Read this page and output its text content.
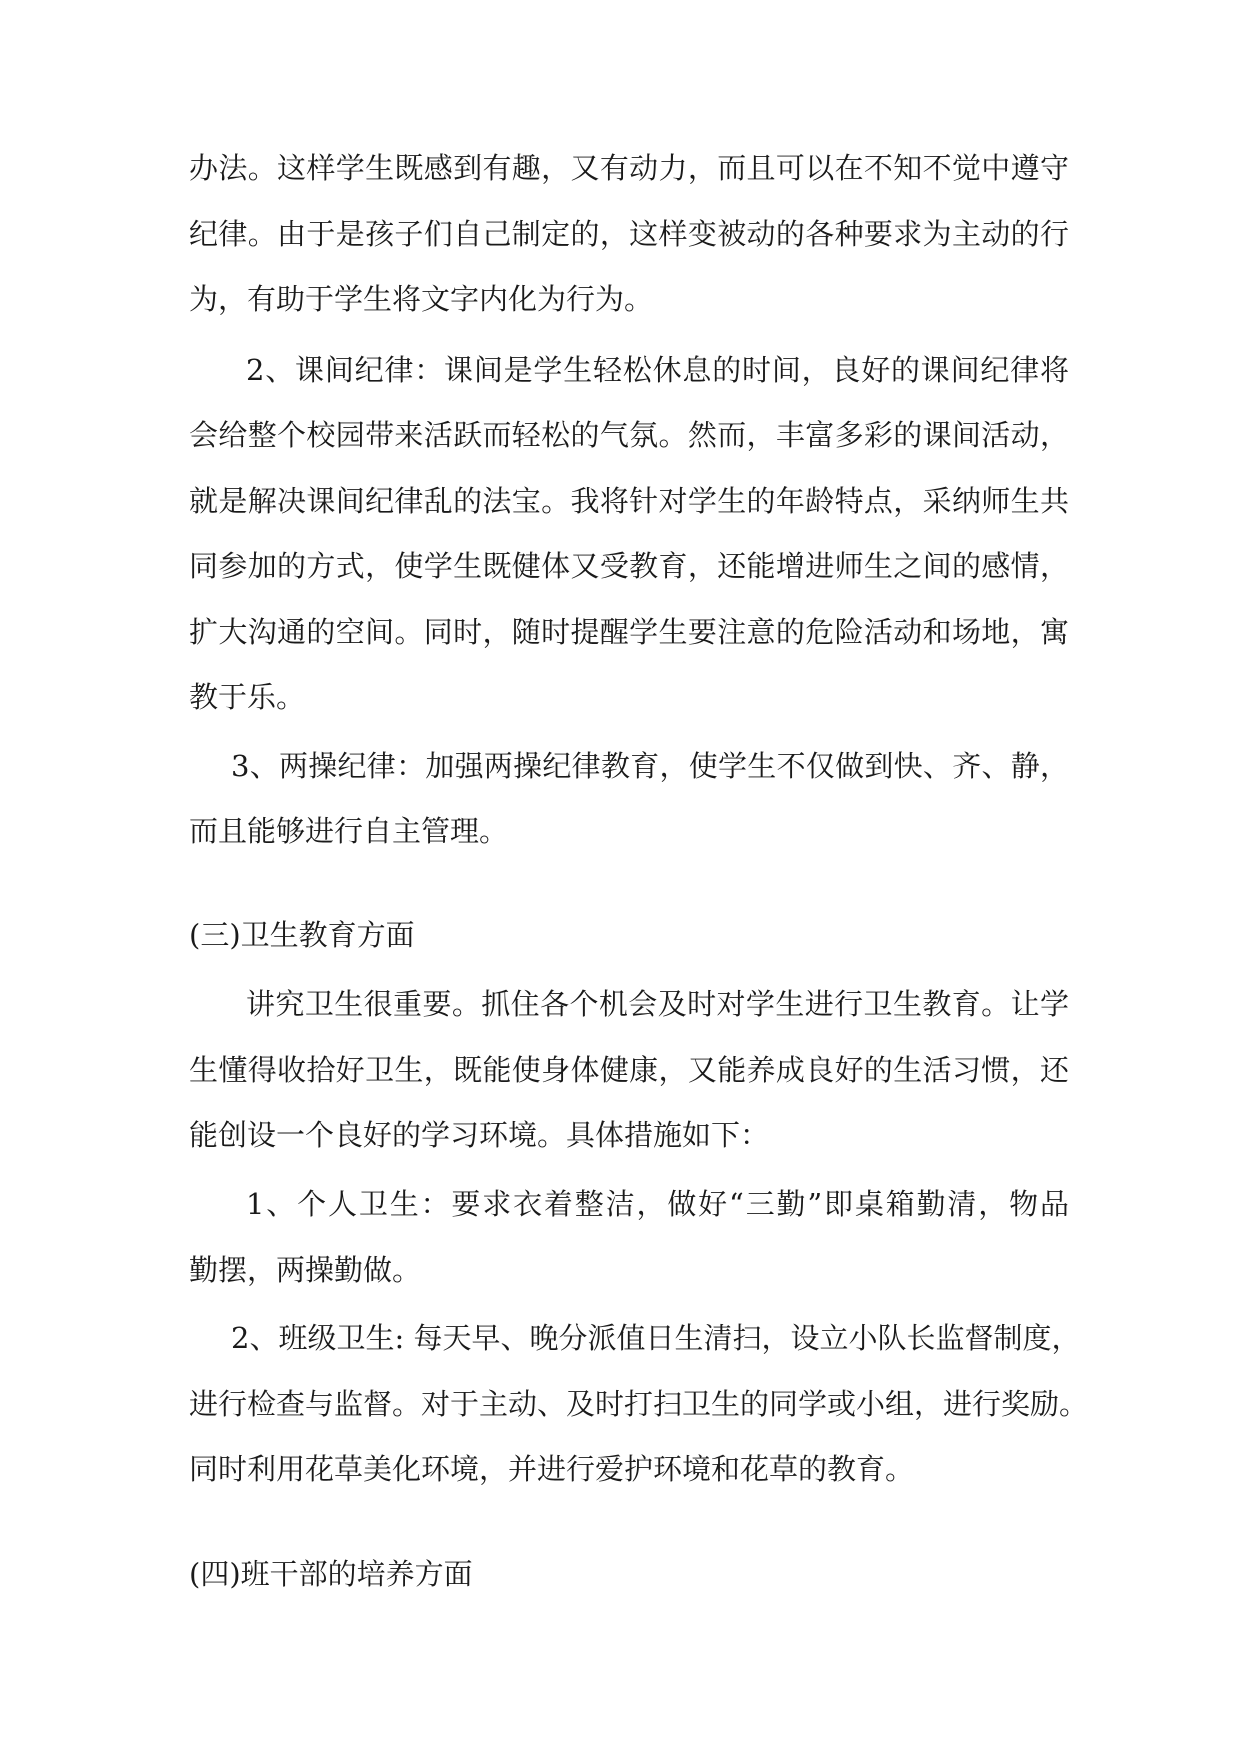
办法。这样学生既感到有趣，又有动力，而且可以在不知不觉中遵守

纪律。由于是孩子们自己制定的，这样变被动的各种要求为主动的行

为，有助于学生将文字内化为行为。

2、课间纪律：课间是学生轻松休息的时间，良好的课间纪律将

会给整个校园带来活跃而轻松的气氛。然而，丰富多彩的课间活动，

就是解决课间纪律乱的法宝。我将针对学生的年龄特点，采纳师生共

同参加的方式，使学生既健体又受教育，还能增进师生之间的感情，

扩大沟通的空间。同时，随时提醒学生要注意的危险活动和场地，寓

教于乐。

3、两操纪律：加强两操纪律教育，使学生不仅做到快、齐、静，

而且能够进行自主管理。

(三)卫生教育方面

讲究卫生很重要。抓住各个机会及时对学生进行卫生教育。让学

生懂得收拾好卫生，既能使身体健康，又能养成良好的生活习惯，还

能创设一个良好的学习环境。具体措施如下：

1、个人卫生：要求衣着整洁，做好“三勤”即桌箱勤清，物品

勤摆，两操勤做。

2、班级卫生: 每天早、晚分派值日生清扫，设立小队长监督制度，

进行检查与监督。对于主动、及时打扫卫生的同学或小组，进行奖励。

同时利用花草美化环境，并进行爱护环境和花草的教育。

(四)班干部的培养方面
